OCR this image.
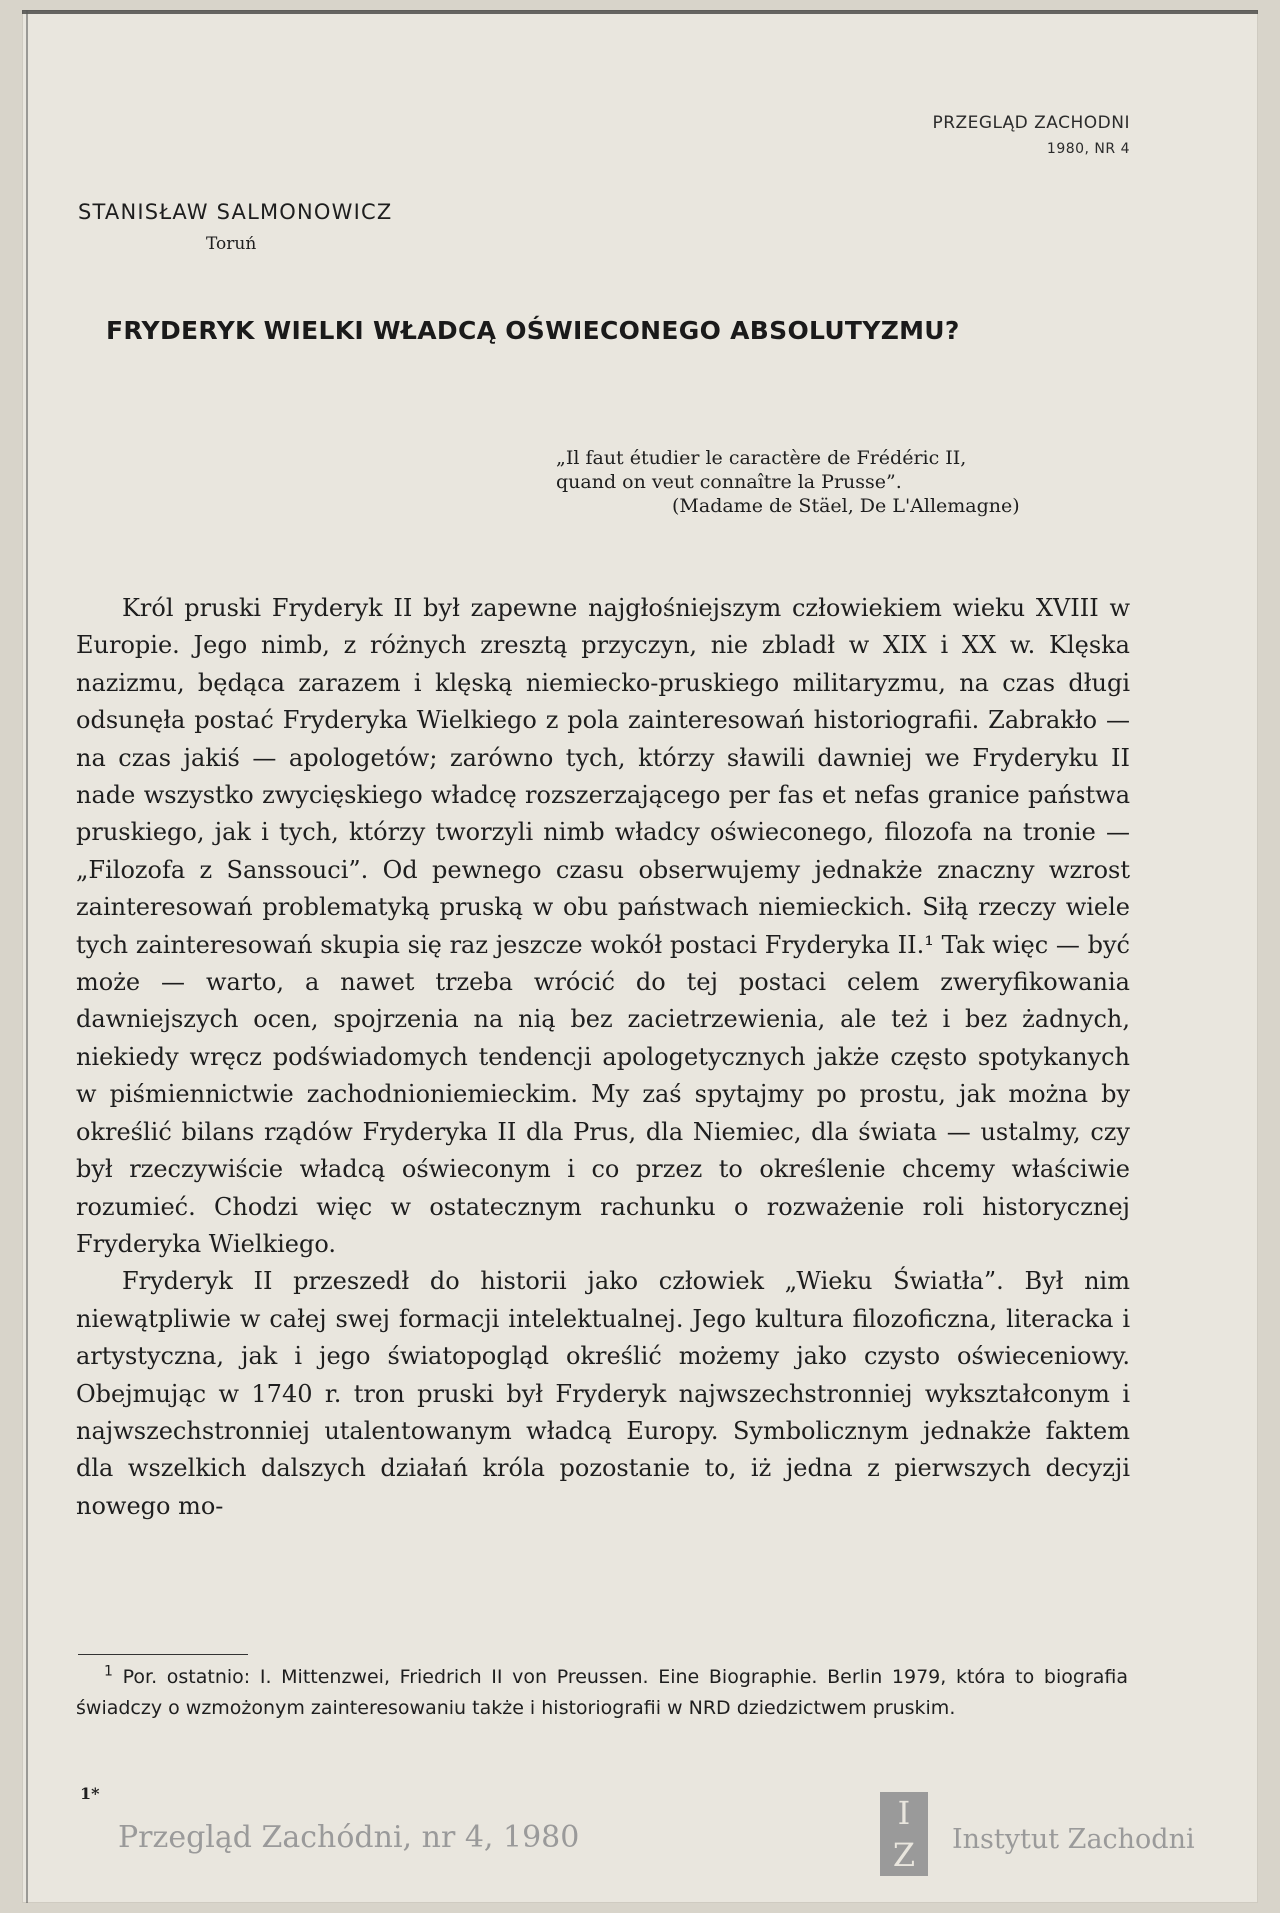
PRZEGLĄD ZACHODNI
1980, NR 4
STANISŁAW SALMONOWICZ
Toruń
FRYDERYK WIELKI WŁADCĄ OŚWIECONEGO ABSOLUTYZMU?
„Il faut étudier le caractère de Frédéric II,
quand on veut connaître la Prusse”.
(Madame de Stäel, De L'Allemagne)

Król pruski Fryderyk II był zapewne najgłośniejszym człowiekiem wieku XVIII w Europie. Jego nimb, z różnych zresztą przyczyn, nie zbladł w XIX i XX w. Klęska nazizmu, będąca zarazem i klęską niemiecko-pruskiego militaryzmu, na czas długi odsunęła postać Fryderyka Wielkiego z pola zainteresowań historiografii. Zabrakło — na czas jakiś — apologetów; zarówno tych, którzy sławili dawniej we Fryderyku II nade wszystko zwycięskiego władcę rozszerzającego per fas et nefas granice państwa pruskiego, jak i tych, którzy tworzyli nimb władcy oświeconego, filozofa na tronie — „Filozofa z Sanssouci”. Od pewnego czasu obserwujemy jednakże znaczny wzrost zainteresowań problematyką pruską w obu państwach niemieckich. Siłą rzeczy wiele tych zainteresowań skupia się raz jeszcze wokół postaci Fryderyka II.¹ Tak więc — być może — warto, a nawet trzeba wrócić do tej postaci celem zweryfikowania dawniejszych ocen, spojrzenia na nią bez zacietrzewienia, ale też i bez żadnych, niekiedy wręcz podświadomych tendencji apologetycznych jakże często spotykanych w piśmiennictwie zachodnioniemieckim. My zaś spytajmy po prostu, jak można by określić bilans rządów Fryderyka II dla Prus, dla Niemiec, dla świata — ustalmy, czy był rzeczywiście władcą oświeconym i co przez to określenie chcemy właściwie rozumieć. Chodzi więc w ostatecznym rachunku o rozważenie roli historycznej Fryderyka Wielkiego.

Fryderyk II przeszedł do historii jako człowiek „Wieku Światła”. Był nim niewątpliwie w całej swej formacji intelektualnej. Jego kultura filozoficzna, literacka i artystyczna, jak i jego światopogląd określić możemy jako czysto oświeceniowy. Obejmując w 1740 r. tron pruski był Fryderyk najwszechstronniej wykształconym i najwszechstronniej utalentowanym władcą Europy. Symbolicznym jednakże faktem dla wszelkich dalszych działań króla pozostanie to, iż jedna z pierwszych decyzji nowego mo-

$^1$ Por. ostatnio: I. Mittenzwei, Friedrich II von Preussen. Eine Biographie. Berlin 1979, która to biografia świadczy o wzmożonym zainteresowaniu także i historiografii w NRD dziedzictwem pruskim.

1*
Przegląd Zachódni, nr 4, 1980
I
Z	Instytut Zachodni
